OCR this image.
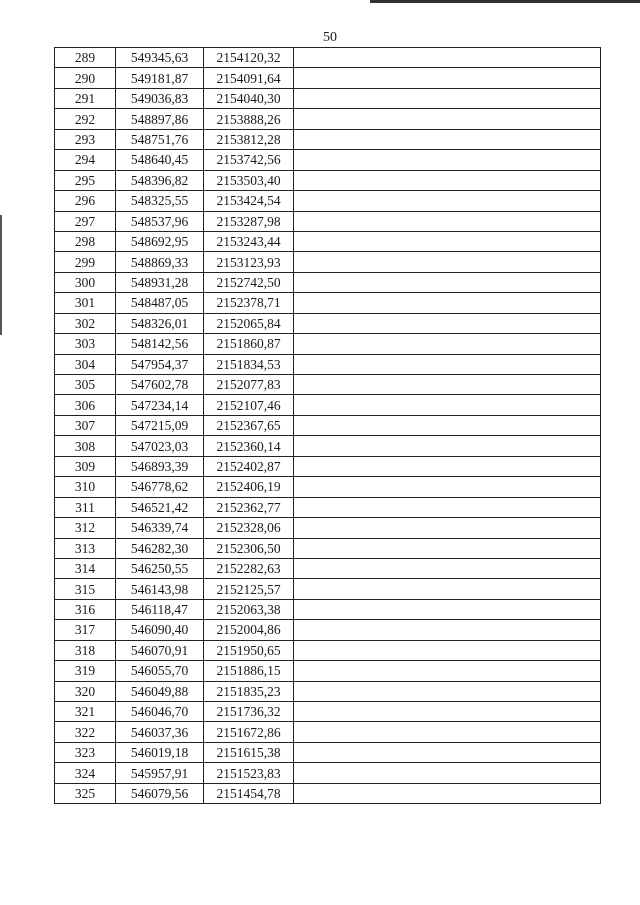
50
289	549345,63	2154120,32	
290	549181,87	2154091,64	
291	549036,83	2154040,30	
292	548897,86	2153888,26	
293	548751,76	2153812,28	
294	548640,45	2153742,56	
295	548396,82	2153503,40	
296	548325,55	2153424,54	
297	548537,96	2153287,98	
298	548692,95	2153243,44	
299	548869,33	2153123,93	
300	548931,28	2152742,50	
301	548487,05	2152378,71	
302	548326,01	2152065,84	
303	548142,56	2151860,87	
304	547954,37	2151834,53	
305	547602,78	2152077,83	
306	547234,14	2152107,46	
307	547215,09	2152367,65	
308	547023,03	2152360,14	
309	546893,39	2152402,87	
310	546778,62	2152406,19	
311	546521,42	2152362,77	
312	546339,74	2152328,06	
313	546282,30	2152306,50	
314	546250,55	2152282,63	
315	546143,98	2152125,57	
316	546118,47	2152063,38	
317	546090,40	2152004,86	
318	546070,91	2151950,65	
319	546055,70	2151886,15	
320	546049,88	2151835,23	
321	546046,70	2151736,32	
322	546037,36	2151672,86	
323	546019,18	2151615,38	
324	545957,91	2151523,83	
325	546079,56	2151454,78	
